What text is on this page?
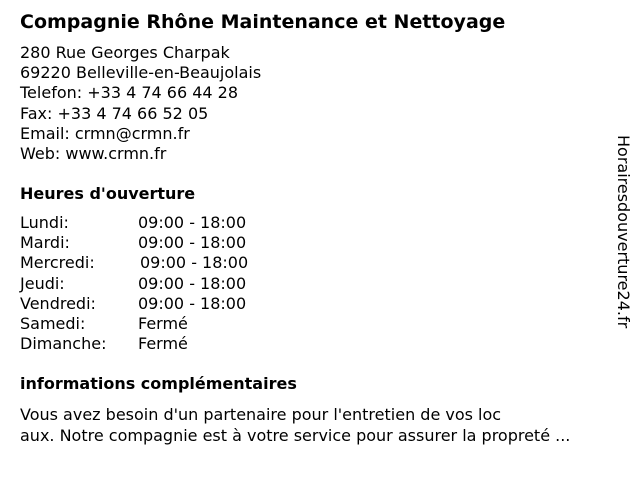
Compagnie Rhône Maintenance et Nettoyage
280 Rue Georges Charpak
69220 Belleville-en-Beaujolais
Telefon: +33 4 74 66 44 28
Fax: +33 4 74 66 52 05
Email: crmn@crmn.fr
Web: www.crmn.fr
Heures d'ouverture
Lundi:	09:00 - 18:00
Mardi:	09:00 - 18:00
Mercredi:	09:00 - 18:00
Jeudi:	09:00 - 18:00
Vendredi:	09:00 - 18:00
Samedi:	Fermé
Dimanche: Fermé
informations complémentaires
Vous avez besoin d'un partenaire pour l'entretien de vos loc
aux. Notre compagnie est à votre service pour assurer la propreté ...
Horairesdouverture24.fr
